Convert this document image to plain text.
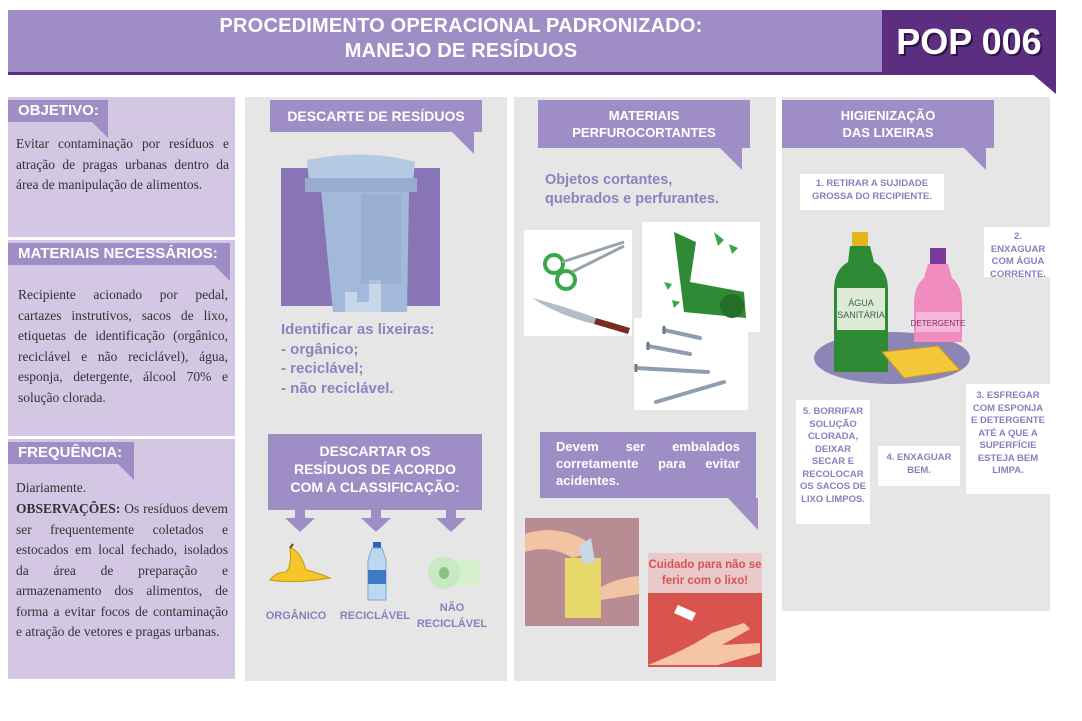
PROCEDIMENTO OPERACIONAL PADRONIZADO:
MANEJO DE RESÍDUOS	POP 006
OBJETIVO:
Evitar contaminação por resíduos e atração de pragas urbanas dentro da área de manipulação de alimentos.
MATERIAIS NECESSÁRIOS:
Recipiente acionado por pedal, cartazes instrutivos, sacos de lixo, etiquetas de identificação (orgânico, reciclável e não reciclável), água, esponja, detergente, álcool 70% e solução clorada.
FREQUÊNCIA:
Diariamente.
OBSERVAÇÕES: Os resíduos devem ser frequentemente coletados e estocados em local fechado, isolados da área de preparação e armazenamento dos alimentos, de forma a evitar focos de contaminação e atração de vetores e pragas urbanas.
DESCARTE DE RESÍDUOS
Identificar as lixeiras:
- orgânico;
- reciclável;
- não reciclável.
DESCARTAR OS
RESÍDUOS DE ACORDO
COM A CLASSIFICAÇÃO:
ORGÂNICO	RECICLÁVEL
NÃO RECICLÁVEL
MATERIAIS
PERFUROCORTANTES
Objetos cortantes,
quebrados e perfurantes.
Devem ser embalados corretamente para evitar acidentes.
Cuidado para não se ferir com o lixo!
HIGIENIZAÇÃO
DAS LIXEIRAS
1. RETIRAR A SUJIDADE GROSSA DO RECIPIENTE.
2. ENXAGUAR COM ÁGUA CORRENTE.
3. ESFREGAR COM ESPONJA E DETERGENTE ATÉ A QUE A SUPERFÍCIE ESTEJA BEM LIMPA.
4. ENXAGUAR BEM.
5. BORRIFAR SOLUÇÃO CLORADA, DEIXAR SECAR E RECOLOCAR OS SACOS DE LIXO LIMPOS.
ÁGUA
SANITÁRIA
DETERGENTE
